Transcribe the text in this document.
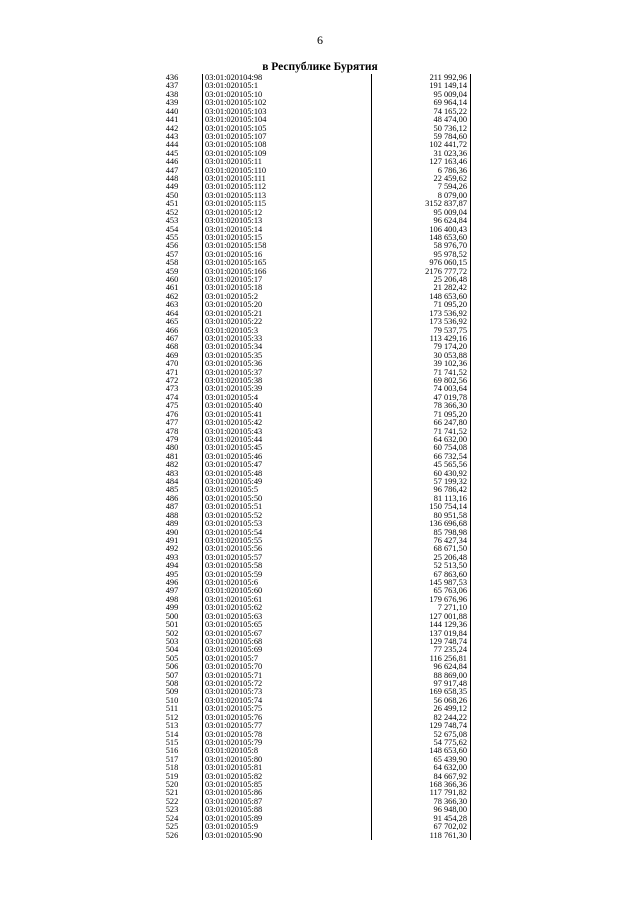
6
в Республике Бурятия
436	03:01:020104:98	211 992,96
437	03:01:020105:1	191 149,14
438	03:01:020105:10	95 009,04
439	03:01:020105:102	69 964,14
440	03:01:020105:103	74 165,22
441	03:01:020105:104	48 474,00
442	03:01:020105:105	50 736,12
443	03:01:020105:107	59 784,60
444	03:01:020105:108	102 441,72
445	03:01:020105:109	31 023,36
446	03:01:020105:11	127 163,46
447	03:01:020105:110	6 786,36
448	03:01:020105:111	22 459,62
449	03:01:020105:112	7 594,26
450	03:01:020105:113	8 079,00
451	03:01:020105:115	3152 837,87
452	03:01:020105:12	95 009,04
453	03:01:020105:13	96 624,84
454	03:01:020105:14	106 400,43
455	03:01:020105:15	148 653,60
456	03:01:020105:158	58 976,70
457	03:01:020105:16	95 978,52
458	03:01:020105:165	976 060,15
459	03:01:020105:166	2176 777,72
460	03:01:020105:17	25 206,48
461	03:01:020105:18	21 282,42
462	03:01:020105:2	148 653,60
463	03:01:020105:20	71 095,20
464	03:01:020105:21	173 536,92
465	03:01:020105:22	173 536,92
466	03:01:020105:3	79 537,75
467	03:01:020105:33	113 429,16
468	03:01:020105:34	79 174,20
469	03:01:020105:35	30 053,88
470	03:01:020105:36	39 102,36
471	03:01:020105:37	71 741,52
472	03:01:020105:38	69 802,56
473	03:01:020105:39	74 003,64
474	03:01:020105:4	47 019,78
475	03:01:020105:40	78 366,30
476	03:01:020105:41	71 095,20
477	03:01:020105:42	66 247,80
478	03:01:020105:43	71 741,52
479	03:01:020105:44	64 632,00
480	03:01:020105:45	60 754,08
481	03:01:020105:46	66 732,54
482	03:01:020105:47	45 565,56
483	03:01:020105:48	60 430,92
484	03:01:020105:49	57 199,32
485	03:01:020105:5	96 786,42
486	03:01:020105:50	81 113,16
487	03:01:020105:51	150 754,14
488	03:01:020105:52	80 951,58
489	03:01:020105:53	136 696,68
490	03:01:020105:54	85 798,98
491	03:01:020105:55	76 427,34
492	03:01:020105:56	68 671,50
493	03:01:020105:57	25 206,48
494	03:01:020105:58	52 513,50
495	03:01:020105:59	67 863,60
496	03:01:020105:6	145 987,53
497	03:01:020105:60	65 763,06
498	03:01:020105:61	179 676,96
499	03:01:020105:62	7 271,10
500	03:01:020105:63	127 001,88
501	03:01:020105:65	144 129,36
502	03:01:020105:67	137 019,84
503	03:01:020105:68	129 748,74
504	03:01:020105:69	77 235,24
505	03:01:020105:7	116 256,81
506	03:01:020105:70	96 624,84
507	03:01:020105:71	88 869,00
508	03:01:020105:72	97 917,48
509	03:01:020105:73	169 658,35
510	03:01:020105:74	56 068,26
511	03:01:020105:75	26 499,12
512	03:01:020105:76	82 244,22
513	03:01:020105:77	129 748,74
514	03:01:020105:78	52 675,08
515	03:01:020105:79	54 775,62
516	03:01:020105:8	148 653,60
517	03:01:020105:80	65 439,90
518	03:01:020105:81	64 632,00
519	03:01:020105:82	84 667,92
520	03:01:020105:85	168 366,36
521	03:01:020105:86	117 791,82
522	03:01:020105:87	78 366,30
523	03:01:020105:88	96 948,00
524	03:01:020105:89	91 454,28
525	03:01:020105:9	67 702,02
526	03:01:020105:90	118 761,30
